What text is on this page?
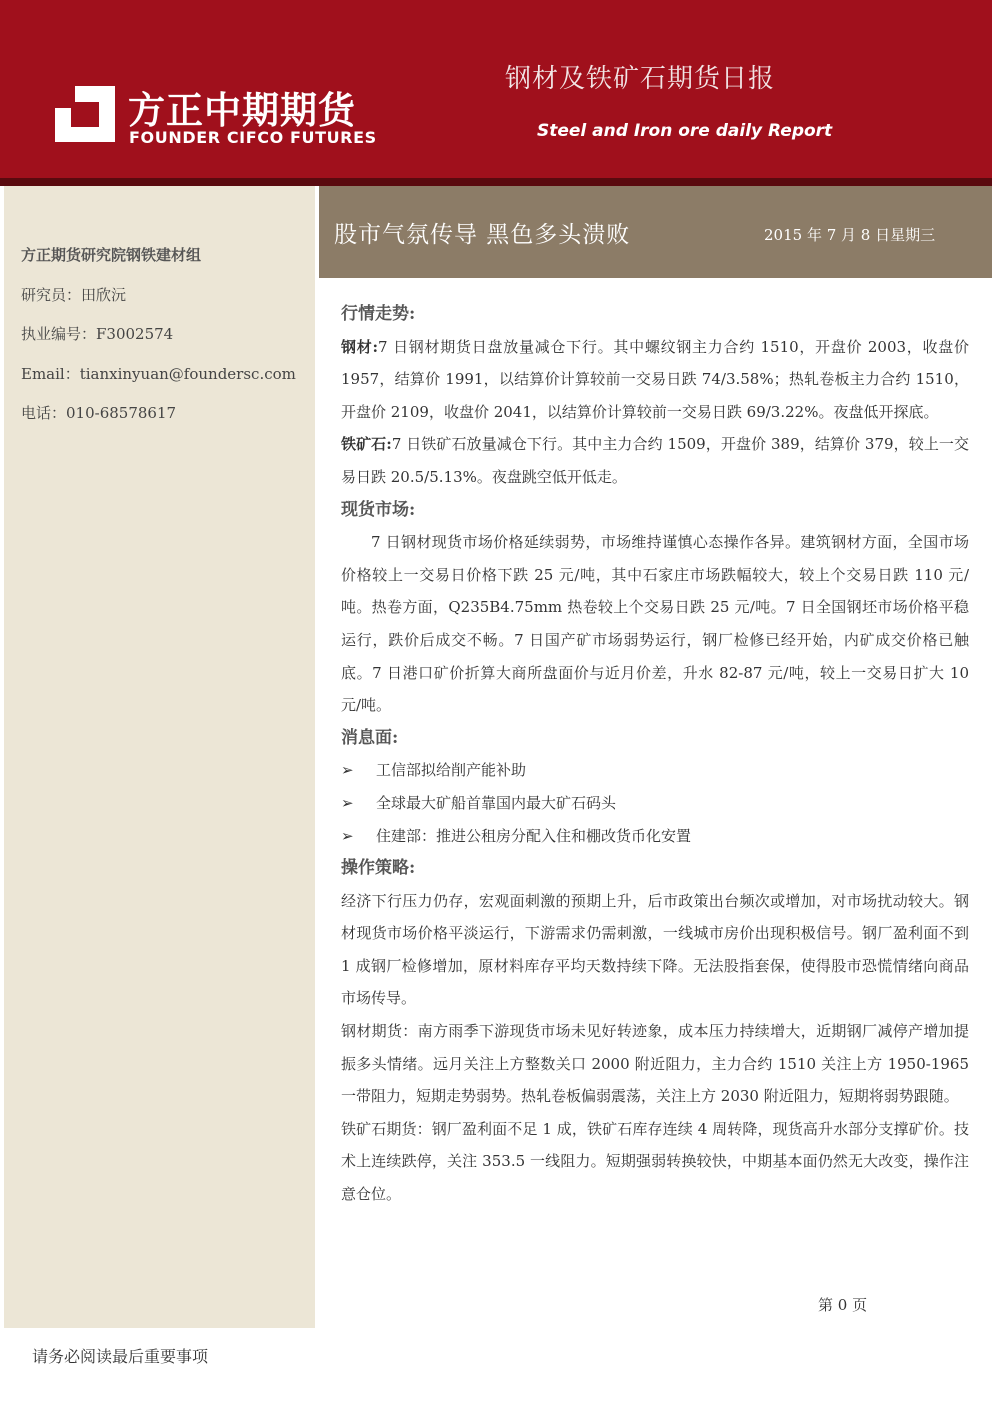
方正中期期货
FOUNDER CIFCO FUTURES
钢材及铁矿石期货日报
Steel and Iron ore daily Report
方正期货研究院钢铁建材组
研究员：田欣沅
执业编号：F3002574
Email：tianxinyuan@foundersc.com
电话：010-68578617
股市气氛传导 黑色多头溃败	2015 年 7 月 8 日星期三

行情走势:

钢材:7 日钢材期货日盘放量减仓下行。其中螺纹钢主力合约 1510，开盘价 2003，收盘价 1957，结算价 1991，以结算价计算较前一交易日跌 74/3.58%；热轧卷板主力合约 1510，开盘价 2109，收盘价 2041，以结算价计算较前一交易日跌 69/3.22%。夜盘低开探底。

铁矿石:7 日铁矿石放量减仓下行。其中主力合约 1509，开盘价 389，结算价 379，较上一交易日跌 20.5/5.13%。夜盘跳空低开低走。

现货市场:

7 日钢材现货市场价格延续弱势，市场维持谨慎心态操作各异。建筑钢材方面，全国市场价格较上一交易日价格下跌 25 元/吨，其中石家庄市场跌幅较大，较上个交易日跌 110 元/吨。热卷方面，Q235B4.75mm 热卷较上个交易日跌 25 元/吨。7 日全国钢坯市场价格平稳运行，跌价后成交不畅。7 日国产矿市场弱势运行，钢厂检修已经开始，内矿成交价格已触底。7 日港口矿价折算大商所盘面价与近月价差，升水 82-87 元/吨，较上一交易日扩大 10 元/吨。

消息面:

➢	工信部拟给削产能补助
➢	全球最大矿船首靠国内最大矿石码头
➢	住建部：推进公租房分配入住和棚改货币化安置

操作策略:

经济下行压力仍存，宏观面刺激的预期上升，后市政策出台频次或增加，对市场扰动较大。钢材现货市场价格平淡运行，下游需求仍需刺激，一线城市房价出现积极信号。钢厂盈利面不到 1 成钢厂检修增加，原材料库存平均天数持续下降。无法股指套保，使得股市恐慌情绪向商品市场传导。

钢材期货：南方雨季下游现货市场未见好转迹象，成本压力持续增大，近期钢厂减停产增加提振多头情绪。远月关注上方整数关口 2000 附近阻力，主力合约 1510 关注上方 1950-1965 一带阻力，短期走势弱势。热轧卷板偏弱震荡，关注上方 2030 附近阻力，短期将弱势跟随。

铁矿石期货：钢厂盈利面不足 1 成，铁矿石库存连续 4 周转降，现货高升水部分支撑矿价。技术上连续跌停，关注 353.5 一线阻力。短期强弱转换较快，中期基本面仍然无大改变，操作注意仓位。

第 0 页
请务必阅读最后重要事项
